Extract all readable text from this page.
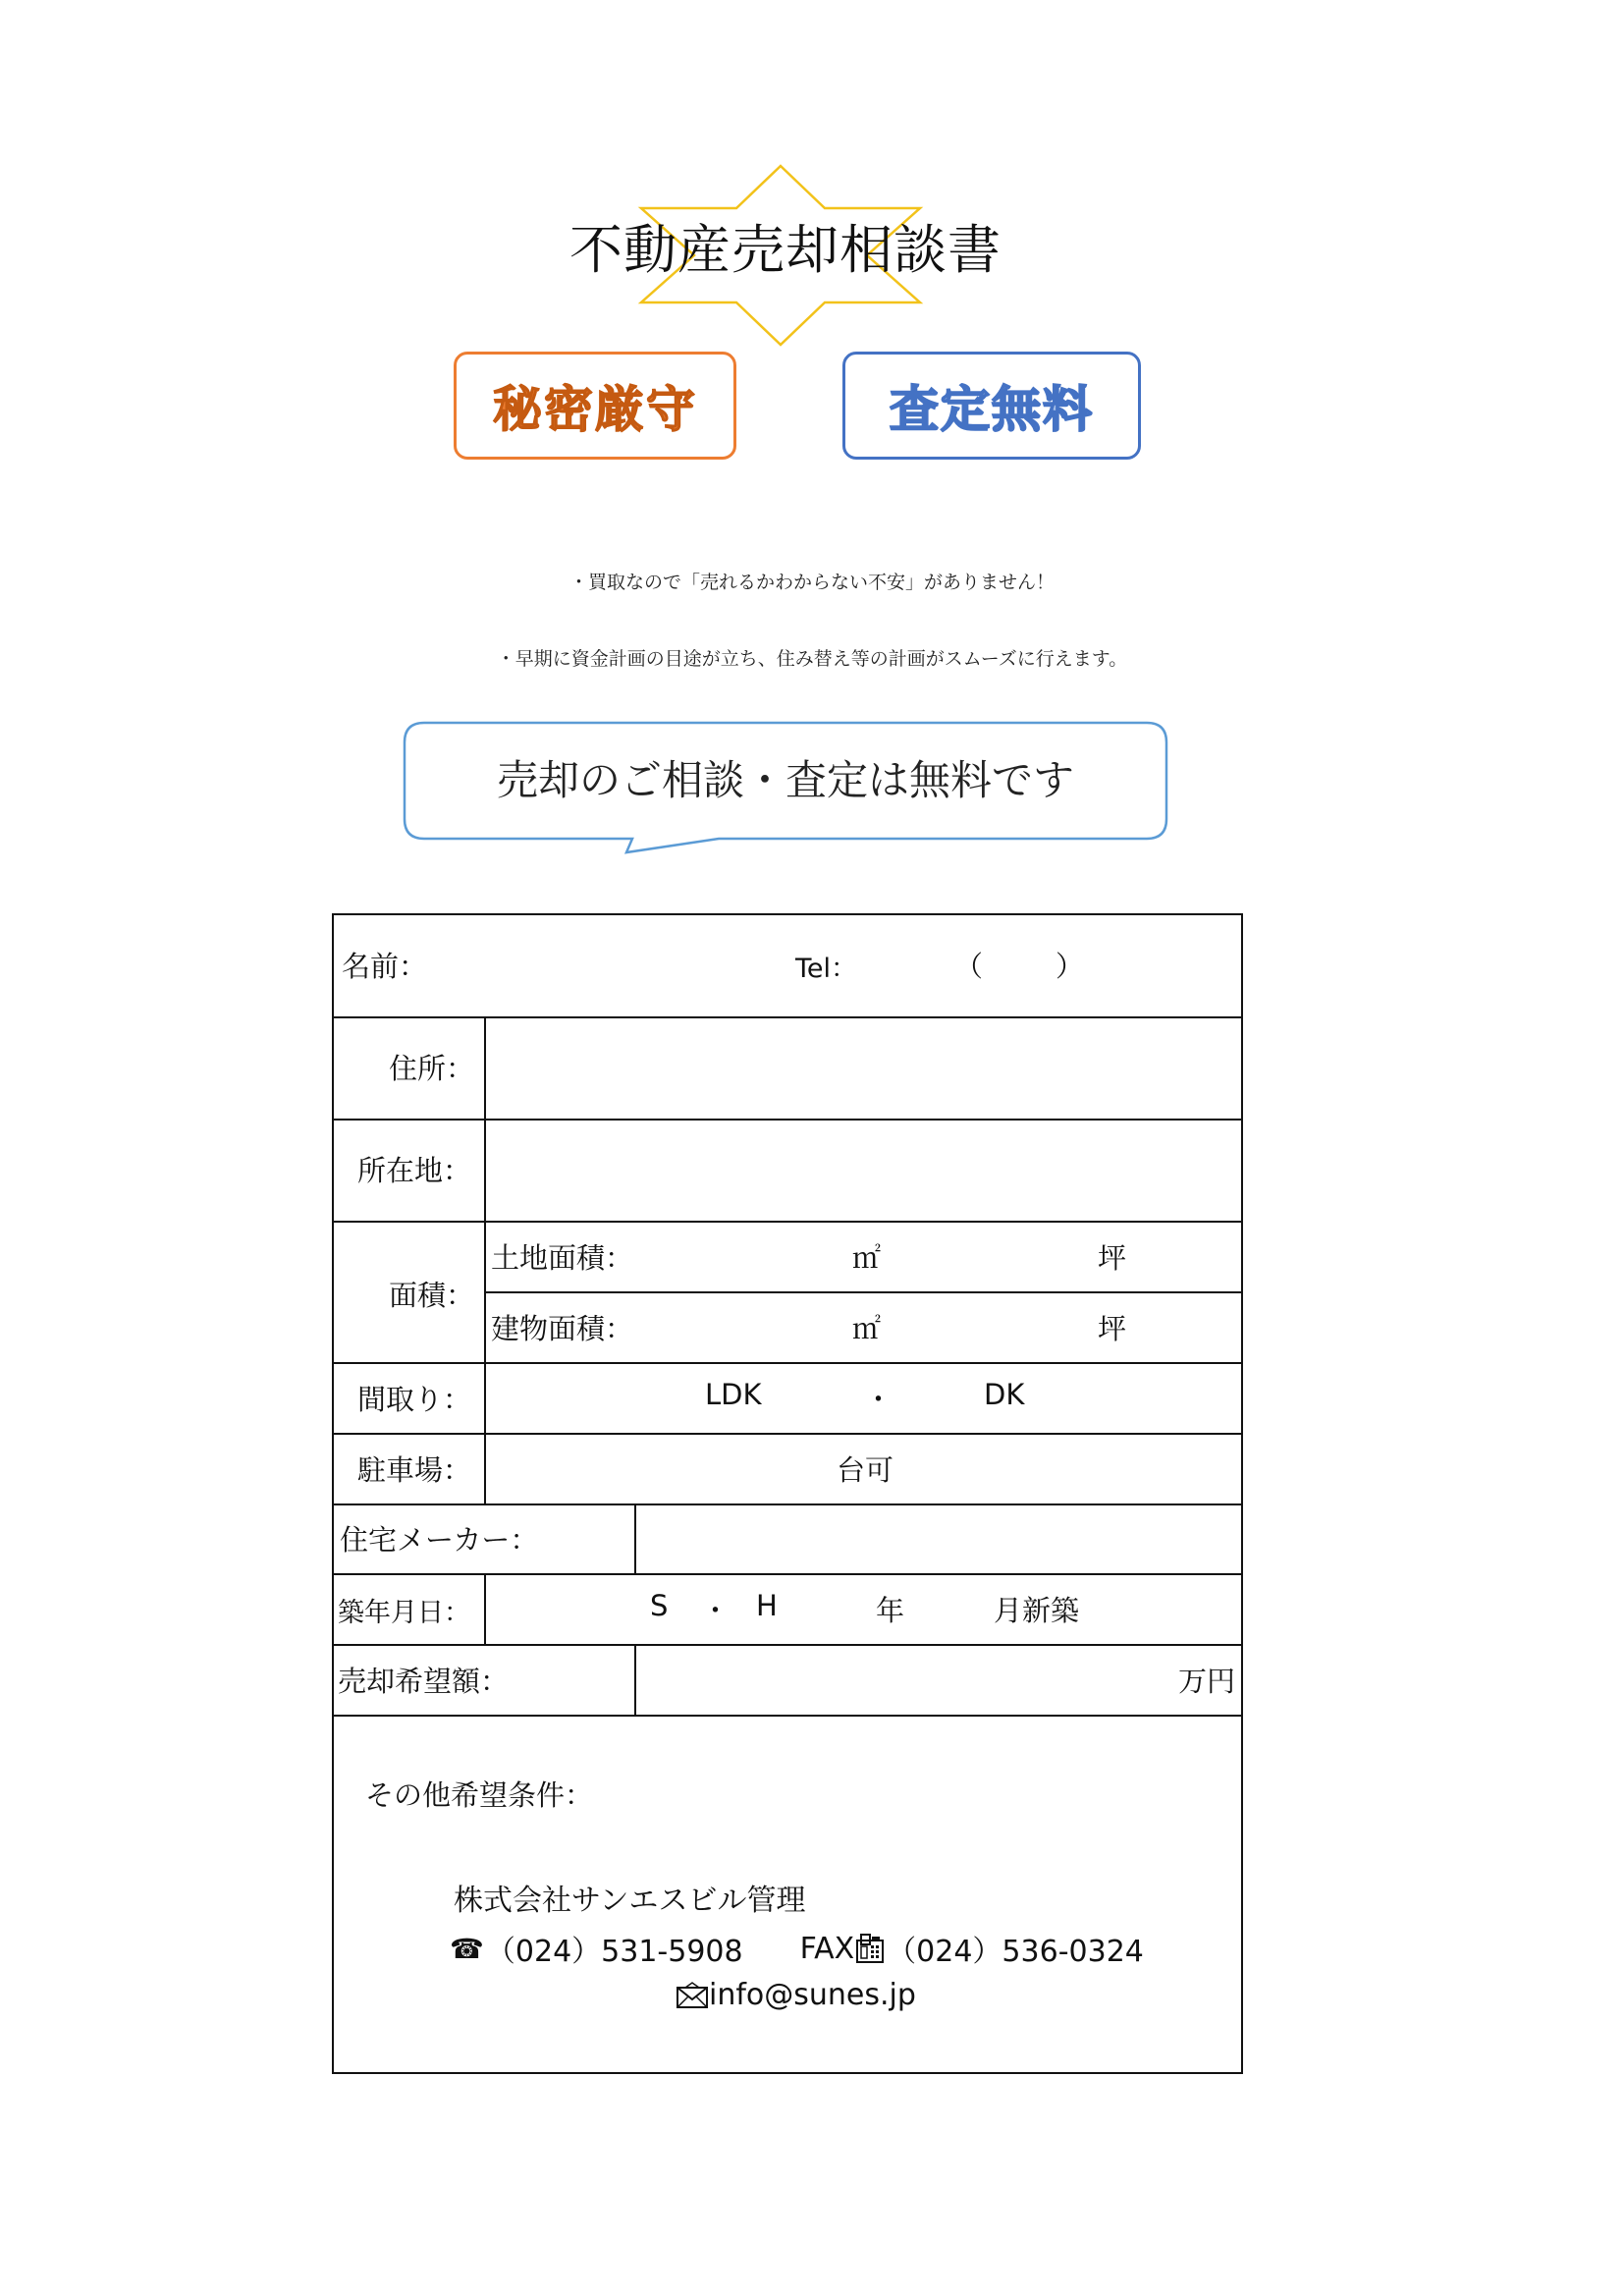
不動産売却相談書
秘密厳守	査定無料
・買取なので「売れるかわからない不安」がありません！
・早期に資金計画の目途が立ち、住み替え等の計画がスムーズに行えます。
売却のご相談・査定は無料です
名前：	Tel：	（	）
住所：
所在地：
面積：
土地面積：	㎡	坪
建物面積：	㎡	坪
間取り：	LDK	・	DK
駐車場：	台可
住宅メーカー：
築年月日：	S ・ H	年	月新築
売却希望額：	万円
その他希望条件：
株式会社サンエスビル管理
☎ （024）531-5908 FAX （024）536-0324
info@sunes.jp
